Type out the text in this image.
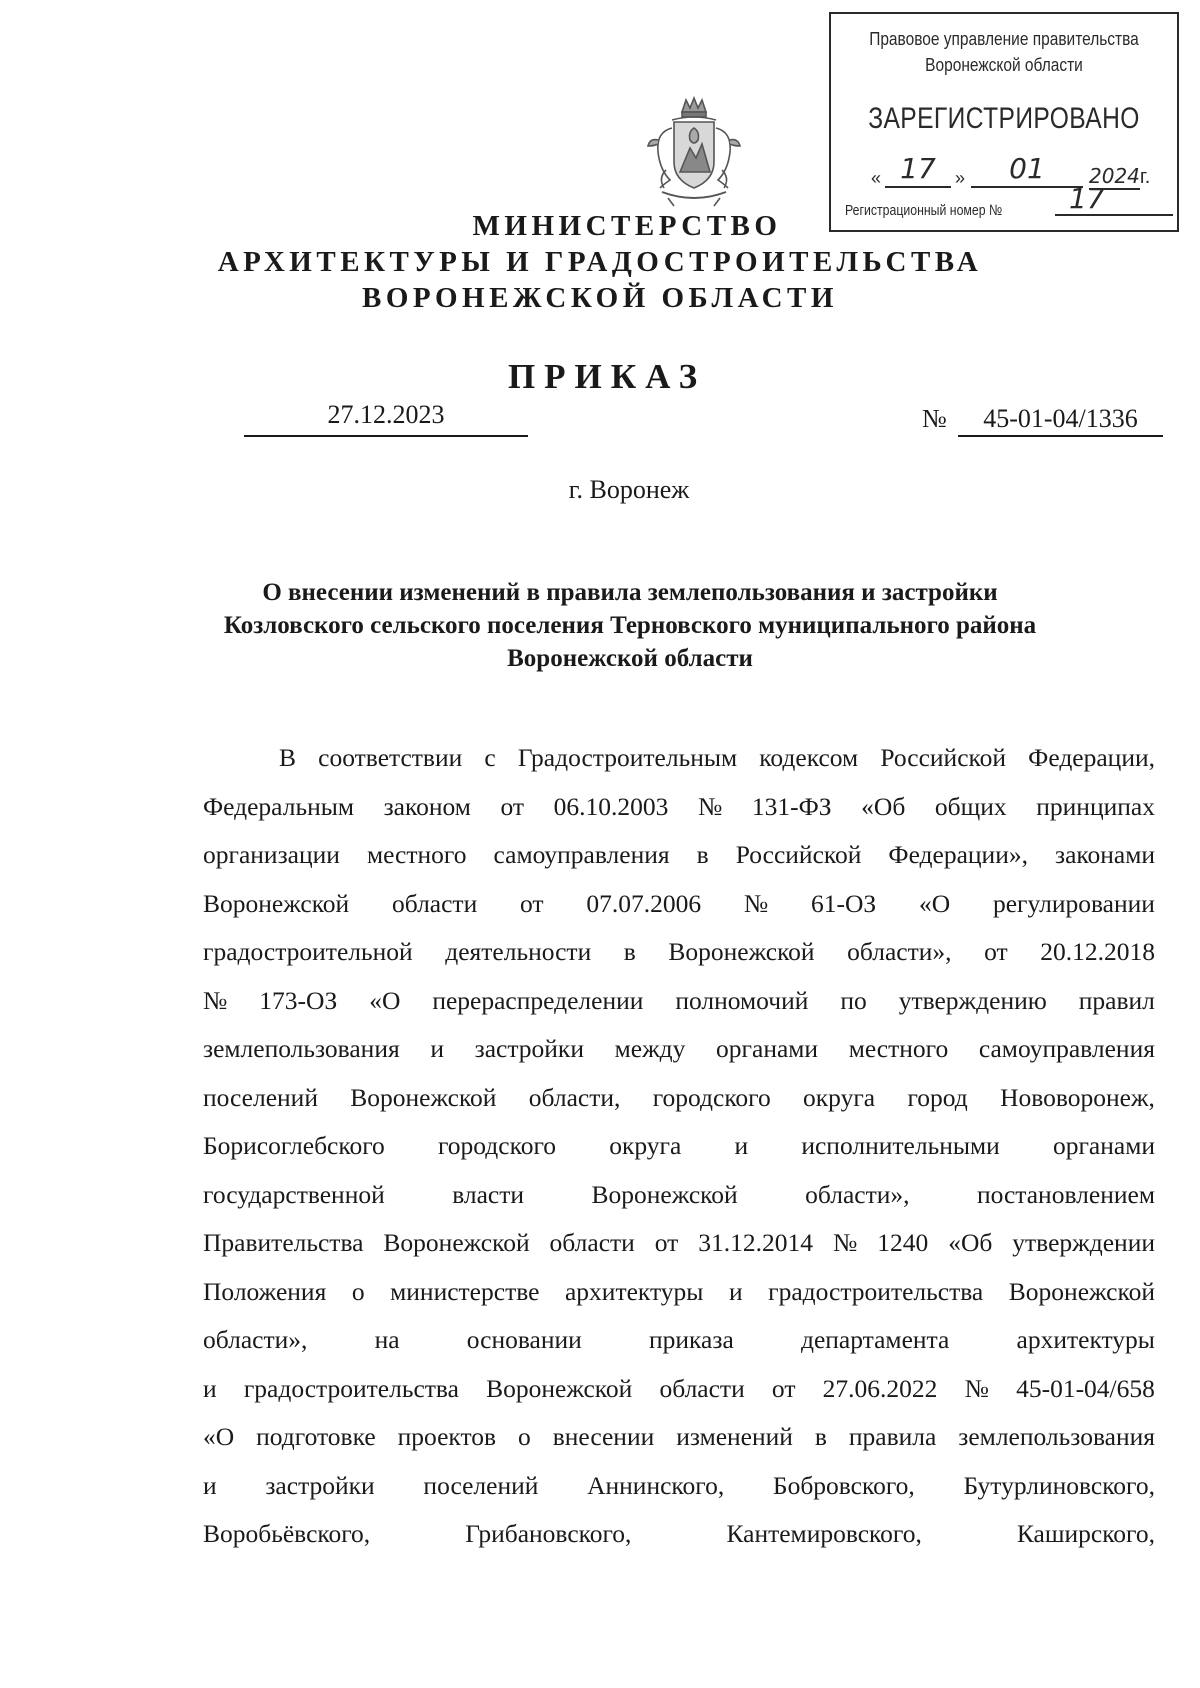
Правовое управление правительства
Воронежской области
ЗАРЕГИСТРИРОВАНО
« 17	»	01	2024г.
Регистрационный номер №	17
МИНИСТЕРСТВО
АРХИТЕКТУРЫ И ГРАДОСТРОИТЕЛЬСТВА
ВОРОНЕЖСКОЙ ОБЛАСТИ
ПРИКАЗ
27.12.2023	№	45-01-04/1336
г. Воронеж
О внесении изменений в правила землепользования и застройки
Козловского сельского поселения Терновского муниципального района
Воронежской области
В соответствии с Градостроительным кодексом Российской Федерации,
Федеральным законом от 06.10.2003 № 131-ФЗ «Об общих принципах
организации местного самоуправления в Российской Федерации», законами
Воронежской области от 07.07.2006 № 61-ОЗ «О регулировании
градостроительной деятельности в Воронежской области», от 20.12.2018
№ 173-ОЗ «О перераспределении полномочий по утверждению правил
землепользования и застройки между органами местного самоуправления
поселений Воронежской области, городского округа город Нововоронеж,
Борисоглебского городского округа и исполнительными органами
государственной	власти	Воронежской	области»,	постановлением
Правительства Воронежской области от 31.12.2014 № 1240 «Об утверждении
Положения о министерстве архитектуры и градостроительства Воронежской
области»,	на	основании	приказа	департамента	архитектуры
и градостроительства Воронежской области от 27.06.2022 № 45-01-04/658
«О подготовке проектов о внесении изменений в правила землепользования
и застройки поселений Аннинского, Бобровского, Бутурлиновского,
Воробьёвского,	Грибановского,	Кантемировского,	Каширского,
